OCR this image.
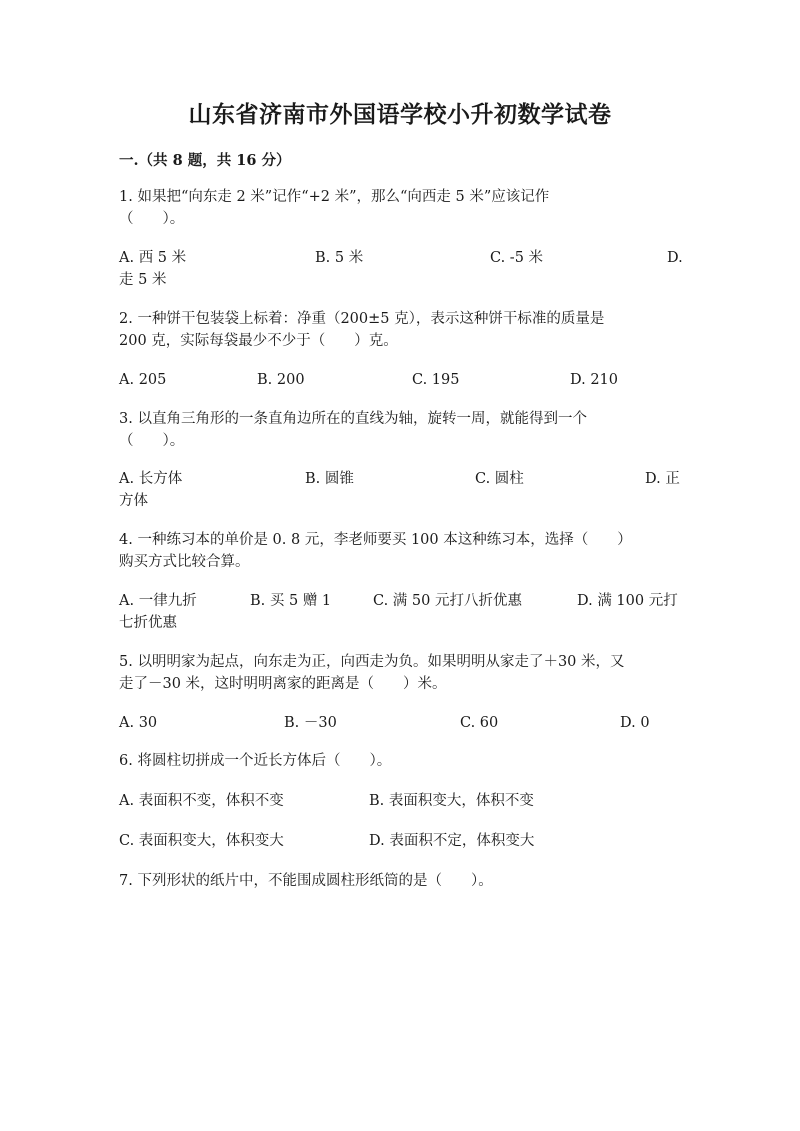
山东省济南市外国语学校小升初数学试卷
一.（共 8 题，共 16 分）
1. 如果把“向东走 2 米”记作“+2 米”，那么“向西走 5 米”应该记作
（　　）。
A. 西 5 米	B. 5 米	C. -5 米	D.
走 5 米
2. 一种饼干包装袋上标着：净重（200±5 克），表示这种饼干标准的质量是
200 克，实际每袋最少不少于（　　）克。
A. 205	B. 200	C. 195	D. 210
3. 以直角三角形的一条直角边所在的直线为轴，旋转一周，就能得到一个
（　　）。
A. 长方体	B. 圆锥	C. 圆柱	D. 正
方体
4. 一种练习本的单价是 0. 8 元，李老师要买 100 本这种练习本，选择（　　）
购买方式比较合算。
A. 一律九折	B. 买 5 赠 1	C. 满 50 元打八折优惠	D. 满 100 元打
七折优惠
5. 以明明家为起点，向东走为正，向西走为负。如果明明从家走了＋30 米，又
走了－30 米，这时明明离家的距离是（　　）米。
A. 30	B. －30	C. 60	D. 0
6. 将圆柱切拼成一个近长方体后（　　）。
A. 表面积不变，体积不变	B. 表面积变大，体积不变
C. 表面积变大，体积变大	D. 表面积不定，体积变大
7. 下列形状的纸片中，不能围成圆柱形纸筒的是（　　）。
